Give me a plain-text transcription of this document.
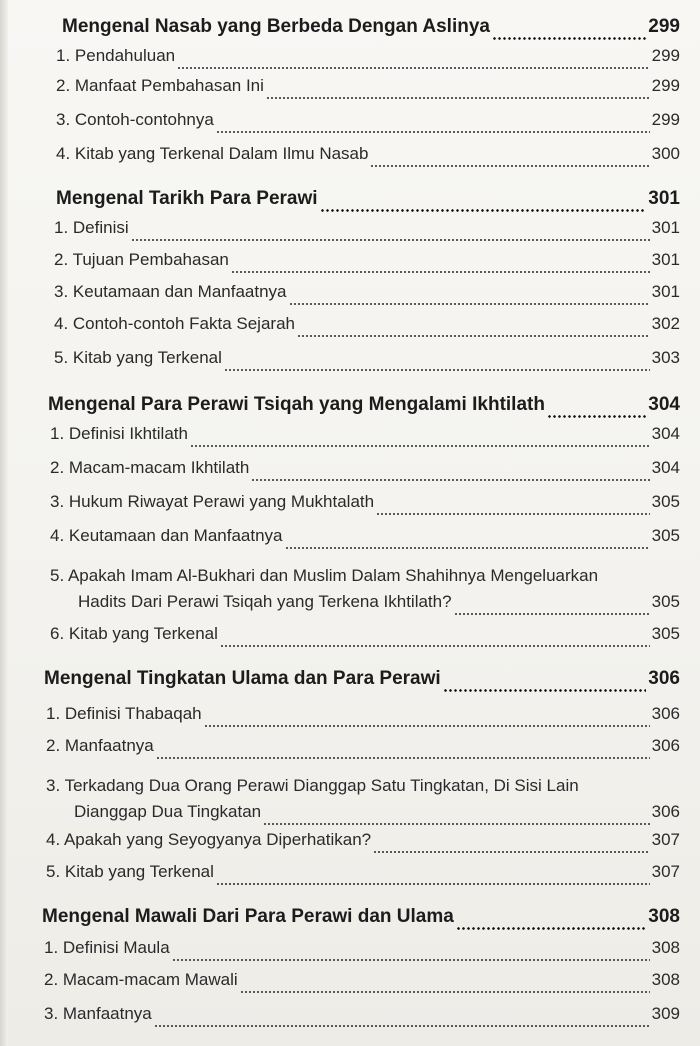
Mengenal Nasab yang Berbeda Dengan Aslinya	299
1. Pendahuluan	299
2. Manfaat Pembahasan Ini	299
3. Contoh-contohnya	299
4. Kitab yang Terkenal Dalam Ilmu Nasab	300
Mengenal Tarikh Para Perawi	301
1. Definisi	301
2. Tujuan Pembahasan	301
3. Keutamaan dan Manfaatnya	301
4. Contoh-contoh Fakta Sejarah	302
5. Kitab yang Terkenal	303
Mengenal Para Perawi Tsiqah yang Mengalami Ikhtilath	304
1. Definisi Ikhtilath	304
2. Macam-macam Ikhtilath	304
3. Hukum Riwayat Perawi yang Mukhtalath	305
4. Keutamaan dan Manfaatnya	305
5. Apakah Imam Al-Bukhari dan Muslim Dalam Shahihnya Mengeluarkan
Hadits Dari Perawi Tsiqah yang Terkena Ikhtilath?	305
6. Kitab yang Terkenal	305
Mengenal Tingkatan Ulama dan Para Perawi	306
1. Definisi Thabaqah	306
2. Manfaatnya	306
3. Terkadang Dua Orang Perawi Dianggap Satu Tingkatan, Di Sisi Lain
Dianggap Dua Tingkatan	306
4. Apakah yang Seyogyanya Diperhatikan?	307
5. Kitab yang Terkenal	307
Mengenal Mawali Dari Para Perawi dan Ulama	308
1. Definisi Maula	308
2. Macam-macam Mawali	308
3. Manfaatnya	309
